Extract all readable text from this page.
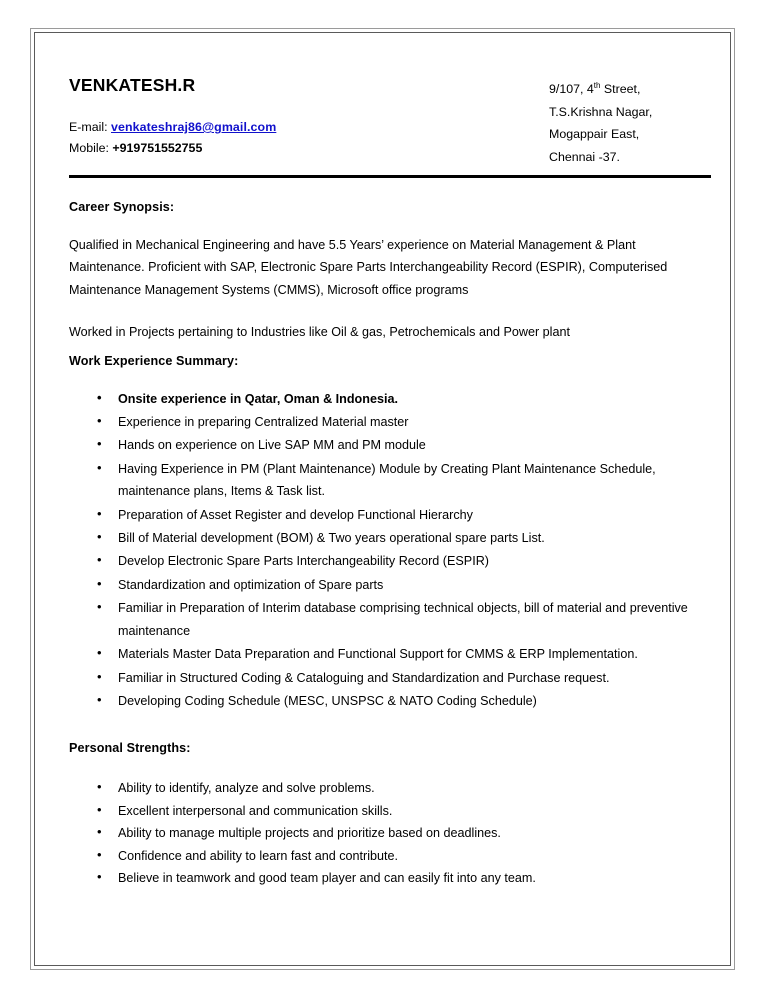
VENKATESH.R
E-mail: venkateshraj86@gmail.com
Mobile: +919751552755
9/107, 4th Street,
T.S.Krishna Nagar,
Mogappair East,
Chennai -37.
Career Synopsis:
Qualified in Mechanical Engineering and have 5.5 Years’ experience on Material Management & Plant Maintenance. Proficient with SAP, Electronic Spare Parts Interchangeability Record (ESPIR), Computerised Maintenance Management Systems (CMMS), Microsoft office programs
Worked in Projects pertaining to Industries like Oil & gas, Petrochemicals and Power plant
Work Experience Summary:
• Onsite experience in Qatar, Oman & Indonesia.
• Experience in preparing Centralized Material master
• Hands on experience on Live SAP MM and PM module
• Having Experience in PM (Plant Maintenance) Module by Creating Plant Maintenance Schedule, maintenance plans, Items & Task list.
• Preparation of Asset Register and develop Functional Hierarchy
• Bill of Material development (BOM) & Two years operational spare parts List.
• Develop Electronic Spare Parts Interchangeability Record (ESPIR)
• Standardization and optimization of Spare parts
• Familiar in Preparation of Interim database comprising technical objects, bill of material and preventive maintenance
• Materials Master Data Preparation and Functional Support for CMMS & ERP Implementation.
• Familiar in Structured Coding & Cataloguing and Standardization and Purchase request.
• Developing Coding Schedule (MESC, UNSPSC & NATO Coding Schedule)
Personal Strengths:
• Ability to identify, analyze and solve problems.
• Excellent interpersonal and communication skills.
• Ability to manage multiple projects and prioritize based on deadlines.
• Confidence and ability to learn fast and contribute.
• Believe in teamwork and good team player and can easily fit into any team.
